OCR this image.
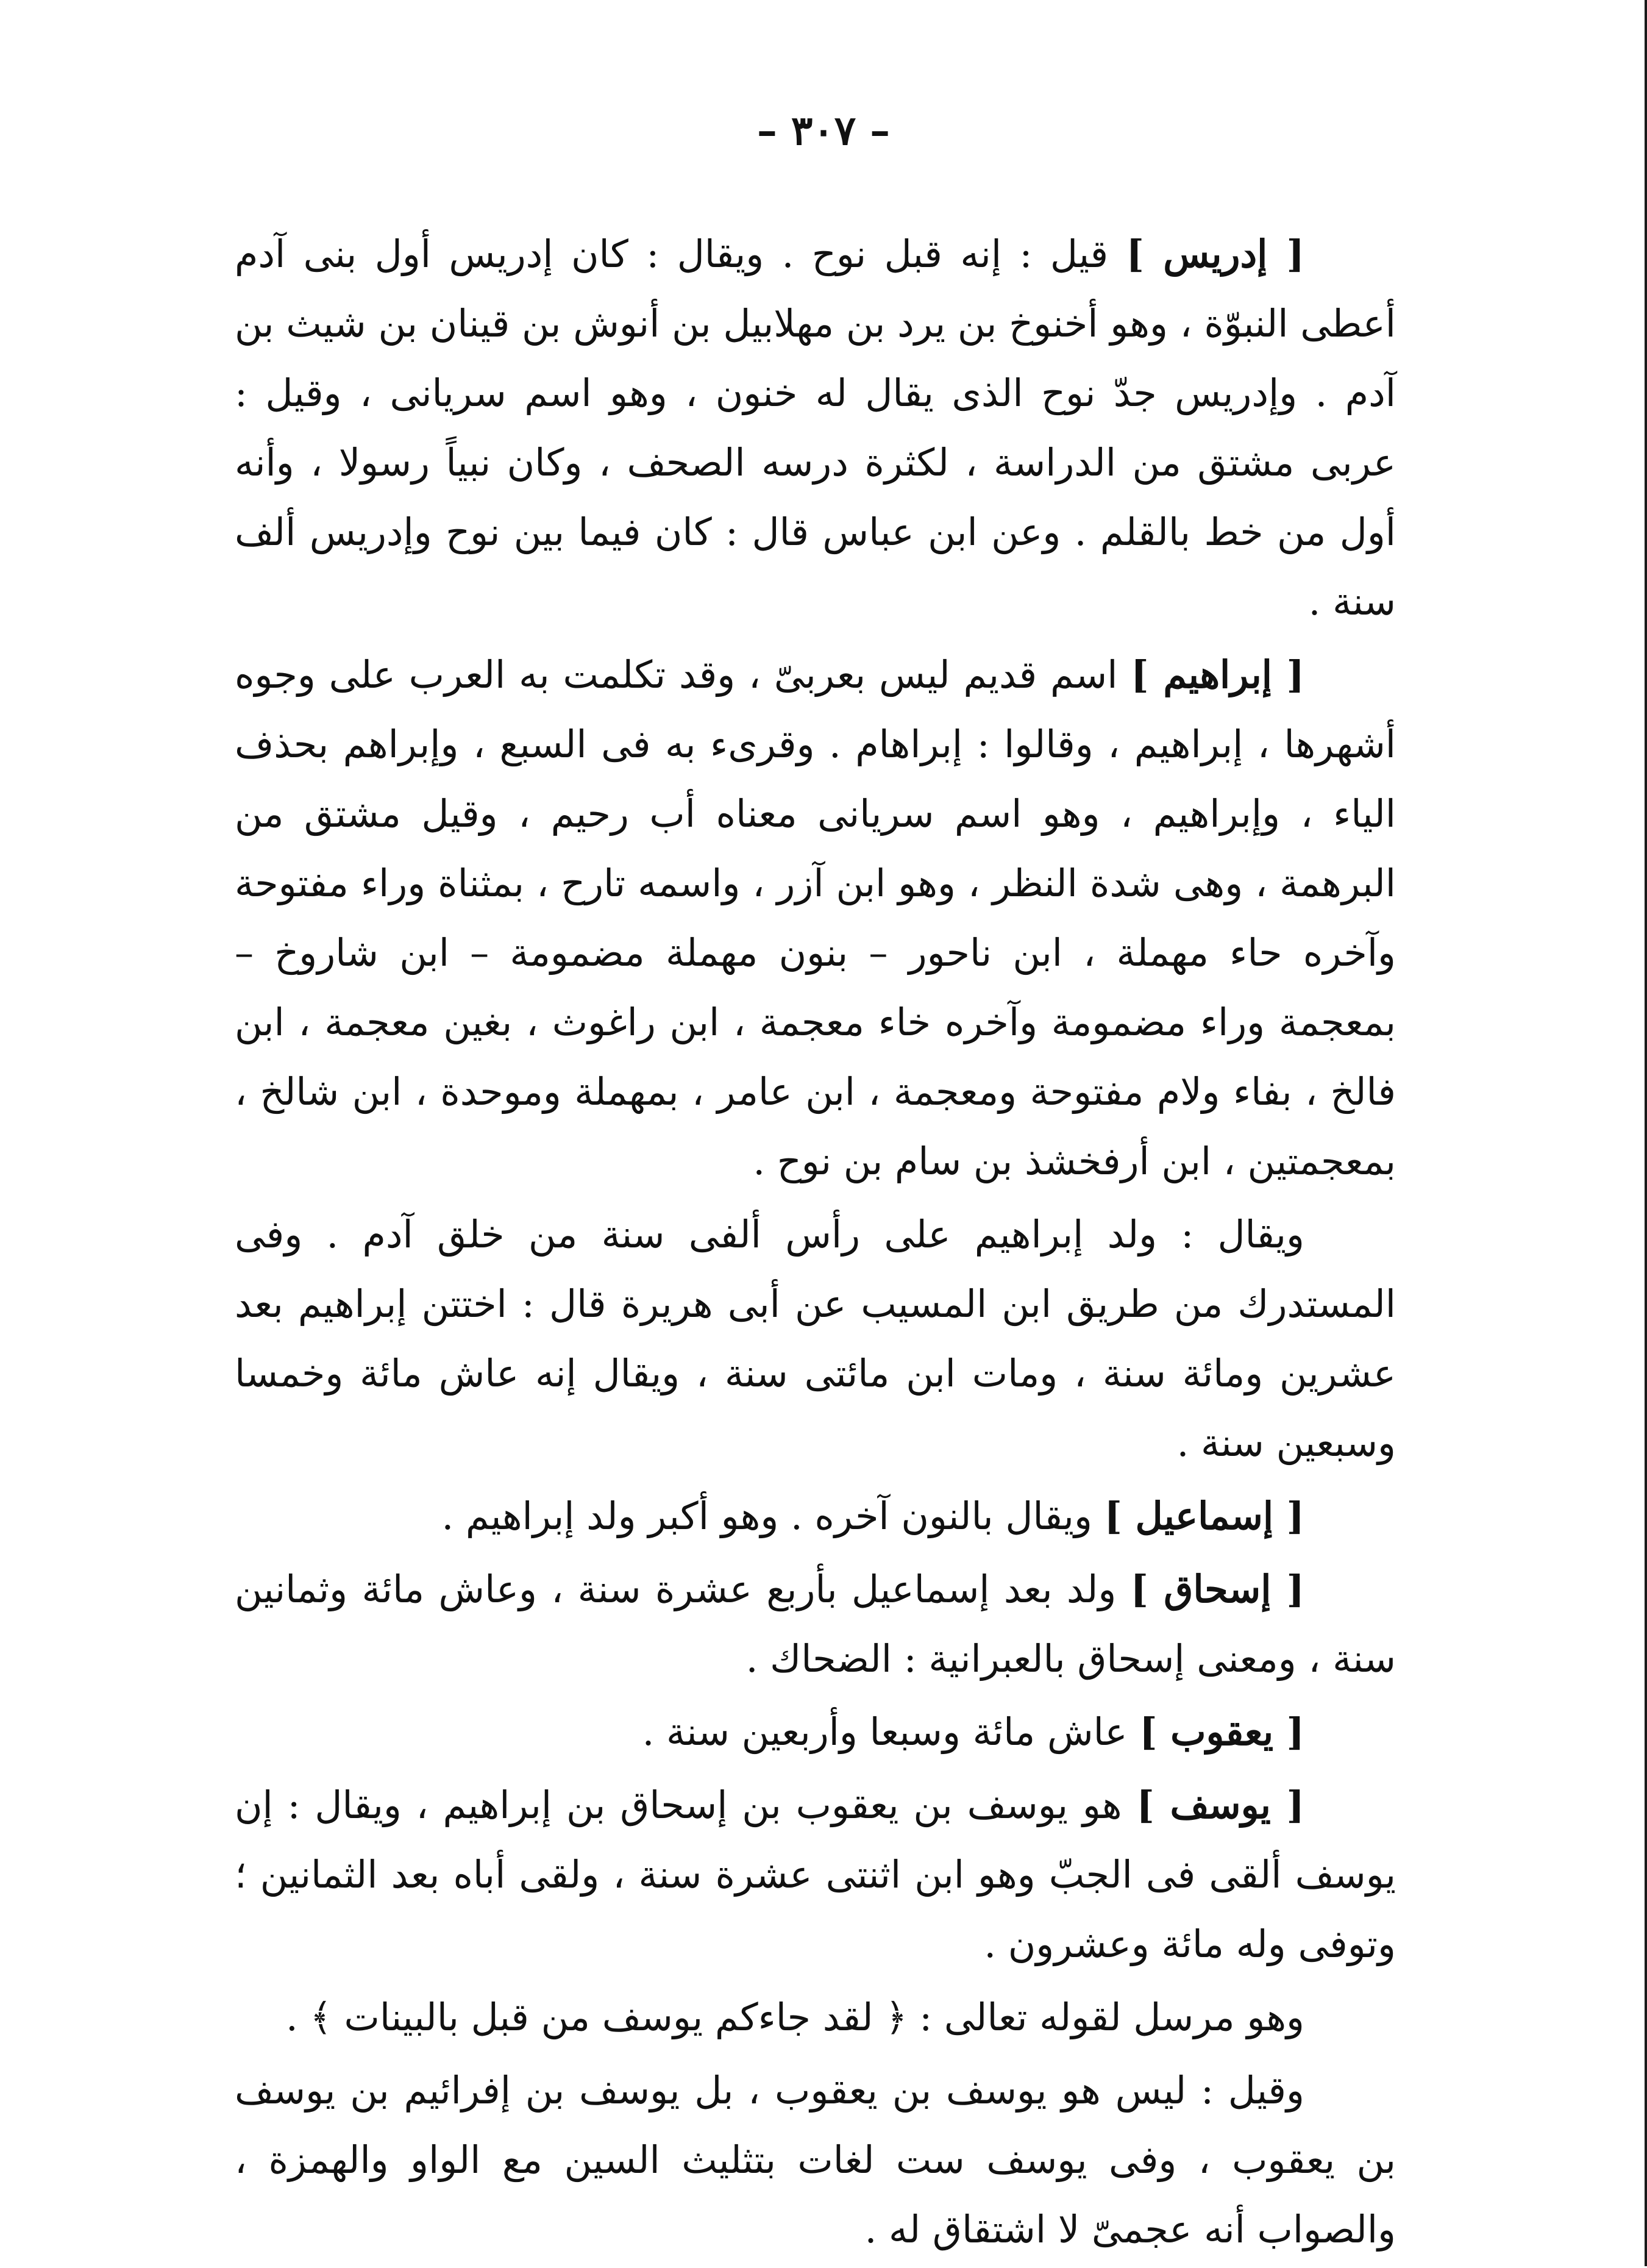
– ٣٠٧ –

[ إدريس ] قيل : إنه قبل نوح . ويقال : كان إدريس أول بنى آدم أعطى النبوّة ، وهو أخنوخ بن يرد بن مهلابيل بن أنوش بن قينان بن شيث بن آدم . وإدريس جدّ نوح الذى يقال له خنون ، وهو اسم سريانى ، وقيل : عربى مشتق من الدراسة ، لكثرة درسه الصحف ، وكان نبياً رسولا ، وأنه أول من خط بالقلم . وعن ابن عباس قال : كان فيما بين نوح وإدريس ألف سنة .

[ إبراهيم ] اسم قديم ليس بعربىّ ، وقد تكلمت به العرب على وجوه أشهرها ، إبراهيم ، وقالوا : إبراهام . وقرىء به فى السبع ، وإبراهم بحذف الياء ، وإبراهيم ، وهو اسم سريانى معناه أب رحيم ، وقيل مشتق من البرهمة ، وهى شدة النظر ، وهو ابن آزر ، واسمه تارح ، بمثناة وراء مفتوحة وآخره حاء مهملة ، ابن ناحور – بنون مهملة مضمومة – ابن شاروخ – بمعجمة وراء مضمومة وآخره خاء معجمة ، ابن راغوث ، بغين معجمة ، ابن فالخ ، بفاء ولام مفتوحة ومعجمة ، ابن عامر ، بمهملة وموحدة ، ابن شالخ ، بمعجمتين ، ابن أرفخشذ بن سام بن نوح .

ويقال : ولد إبراهيم على رأس ألفى سنة من خلق آدم . وفى المستدرك من طريق ابن المسيب عن أبى هريرة قال : اختتن إبراهيم بعد عشرين ومائة سنة ، ومات ابن مائتى سنة ، ويقال إنه عاش مائة وخمسا وسبعين سنة .

[ إسماعيل ] ويقال بالنون آخره . وهو أكبر ولد إبراهيم .

[ إسحاق ] ولد بعد إسماعيل بأربع عشرة سنة ، وعاش مائة وثمانين سنة ، ومعنى إسحاق بالعبرانية : الضحاك .

[ يعقوب ] عاش مائة وسبعا وأربعين سنة .

[ يوسف ] هو يوسف بن يعقوب بن إسحاق بن إبراهيم ، ويقال : إن يوسف ألقى فى الجبّ وهو ابن اثنتى عشرة سنة ، ولقى أباه بعد الثمانين ؛ وتوفى وله مائة وعشرون .

وهو مرسل لقوله تعالى : ﴿ لقد جاءكم يوسف من قبل بالبينات ﴾ .

وقيل : ليس هو يوسف بن يعقوب ، بل يوسف بن إفرائيم بن يوسف بن يعقوب ، وفى يوسف ست لغات بتثليث السين مع الواو والهمزة ، والصواب أنه عجمىّ لا اشتقاق له .
